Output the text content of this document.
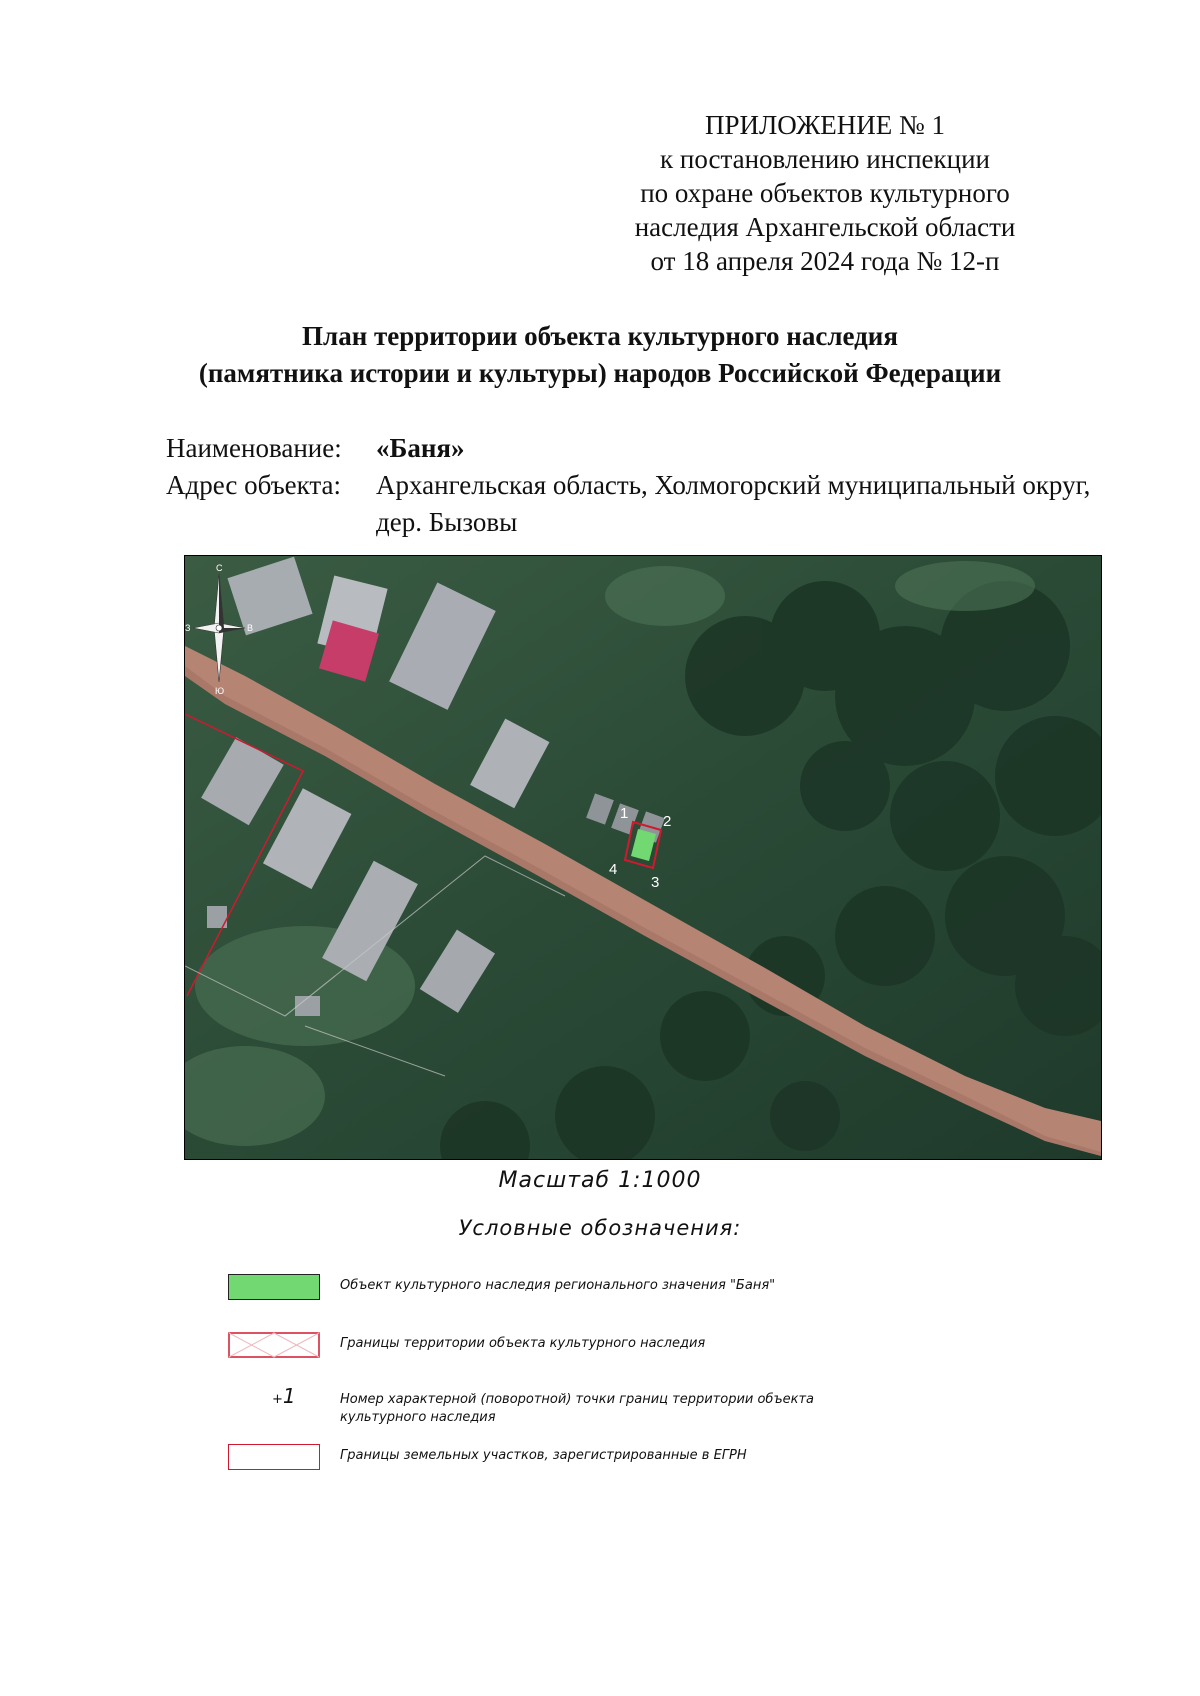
ПРИЛОЖЕНИЕ № 1
к постановлению инспекции
по охране объектов культурного
наследия Архангельской области
от 18 апреля 2024 года № 12-п
План территории объекта культурного наследия
(памятника истории и культуры) народов Российской Федерации
Наименование:	«Баня»
Адрес объекта:	Архангельская область, Холмогорский муниципальный округ, дер. Бызовы
1 2
3
4
С
Ю
З	В
Масштаб 1:1000
Условные обозначения:
Объект культурного наследия регионального значения "Баня"
Границы территории объекта культурного наследия
+1	Номер характерной (поворотной) точки границ территории объекта культурного наследия
Границы земельных участков, зарегистрированные в ЕГРН
